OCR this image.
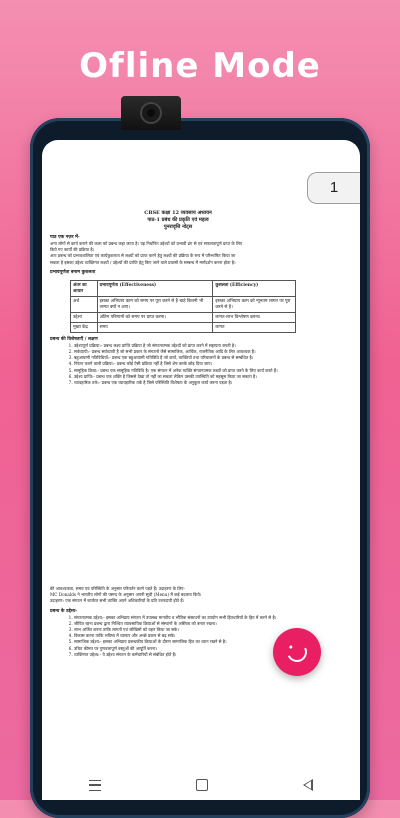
Ofline Mode
CBSE कक्षा 12 व्यवसाय अध्ययन
पाठ-1 प्रबंध की प्रकृति एवं महत्व
पुनरावृत्ति नोट्स
पाठ एक नज़र में-

अन्य लोगों से कार्य कराने की कला को प्रबन्ध कहा जाता है। यह निर्धारित उद्देश्यों को प्रभावी ढंग से एवं सफलतापूर्ण प्राप्त के लिए

किये गए कार्यों की प्रक्रिया है।

अतः प्रबन्ध को प्रभावशालिता एवं कार्यकुशलता से लक्ष्यों को प्राप्त करने हेतु लक्ष्यों की प्रक्रिया के रूप में परिभाषित किया जा

सकता है इसका उद्देश्य व्यक्तिगत लक्ष्यों / उद्देश्यों की प्राप्ति हेतु किए जाने वाले प्रयासों के सम्बन्ध में मार्गदर्शन करना होता है।

प्रभावपूर्णता बनाम कुशलता
अंतर का आधार	प्रभावपूर्णता (Effectiveness)	कुशलता (Efficiency)
अर्थ	इसका अभिप्राय काम को समय पर पूरा करने से है चाहे कितनी भी लागत क्यों न आए।	इसका अभिप्राय काम को न्यूनतम लागत पर पूरा करने से है।
उद्देश्य	अंतिम परिणामों को समय पर प्राप्त करना।	लागत-लाभ विश्लेषण करना।
मुख्य केंद्र	समय	लागत
प्रबन्ध की विशेषताएँ / लक्षण
1. उद्देश्यपूर्ण प्रक्रिया:- प्रबन्ध लक्ष्य प्राप्ति प्रक्रिया है जो संगठनात्मक उद्देश्यों को प्राप्त करने में सहायता करती है।
2. सर्वव्यापी:- प्रबन्ध सर्वव्यापी है जो सभी प्रकार के संगठनों जैसे सामाजिक, आर्थिक, राजनैतिक आदि के लिए आवश्यक है।
3. बहुआयामी गतिविधियाँ:- प्रबन्ध एक बहुआयामी गतिविधि है जो कार्य, व्यक्तियों तथा परिचालनों के प्रबन्ध से सम्बंधित है।
4. निरंतर चलने वाली प्रक्रिया:- प्रबन्ध कोई ऐसी प्रक्रिया नहीं है जिसे शेष करके छोड़ दिया जाए।
5. सामूहिक क्रिया:- प्रबन्ध एक सामूहिक गतिविधि है। एक संगठन में अनेक व्यक्ति संगठनात्मक लक्ष्यों को प्राप्त करने के लिए कार्य करते हैं।
6. उद्देश्य प्राप्ति:- प्रबन्ध एक शक्ति है जिससे देखा तो नहीं जा सकता लेकिन उसकी उपस्थिति को महसूस किया जा सकता है।
7. व्यावहारिक तर्क:- प्रबन्ध एक व्यावहारिक तर्क है जिसे परिस्थिति विशेषता के अनुकूल कार्य करना पड़ता है।

की आवश्यकता, समय एवं परिस्थिति के अनुसार परिवर्तन करने पड़ते हैं। उदाहरण के लिए-

MC Donalds ने भारतीय लोगों की पसन्द के अनुसार अपनी सूची (Menu) में कई बदलाव किये।

उदाहरण: एक संगठन में कार्यरत सभी व्यक्ति अपने अधिकारियों के प्रति उत्तरदायी होते हैं।

प्रबन्ध के उद्देश्य-
1. संगठनात्मक उद्देश्य:- इसका अभिप्राय संगठन में उपलब्ध मानवीय व भौतिक संसाधनों का उपयोग सभी हितधारियों के हित में करने से है।
2. जीवित रहना प्रबन्ध द्वारा निश्चित व्यावसायिक क्रियाओं से संस्थानों के अस्तित्व को बनाए रखना।
3. लाभ अर्जित करना ताकि लागतों एवं जोखिमों को वहन किया जा सके।
4. विकास करना ताकि भविष्य में व्यापार और अच्छे प्रकार से बढ़ सके।
5. सामाजिक उद्देश्य:- इसका अभिप्राय प्रबन्धकीय क्रियाओं के दौरान सामाजिक हित का ध्यान रखने से है।
6. उचित कीमत पर गुणवत्तापूर्ण वस्तुओं की आपूर्ति करना।
7. व्यक्तिगत उद्देश्य:- ये उद्देश्य संगठन के कर्मचारियों से संबंधित होते हैं।
1
